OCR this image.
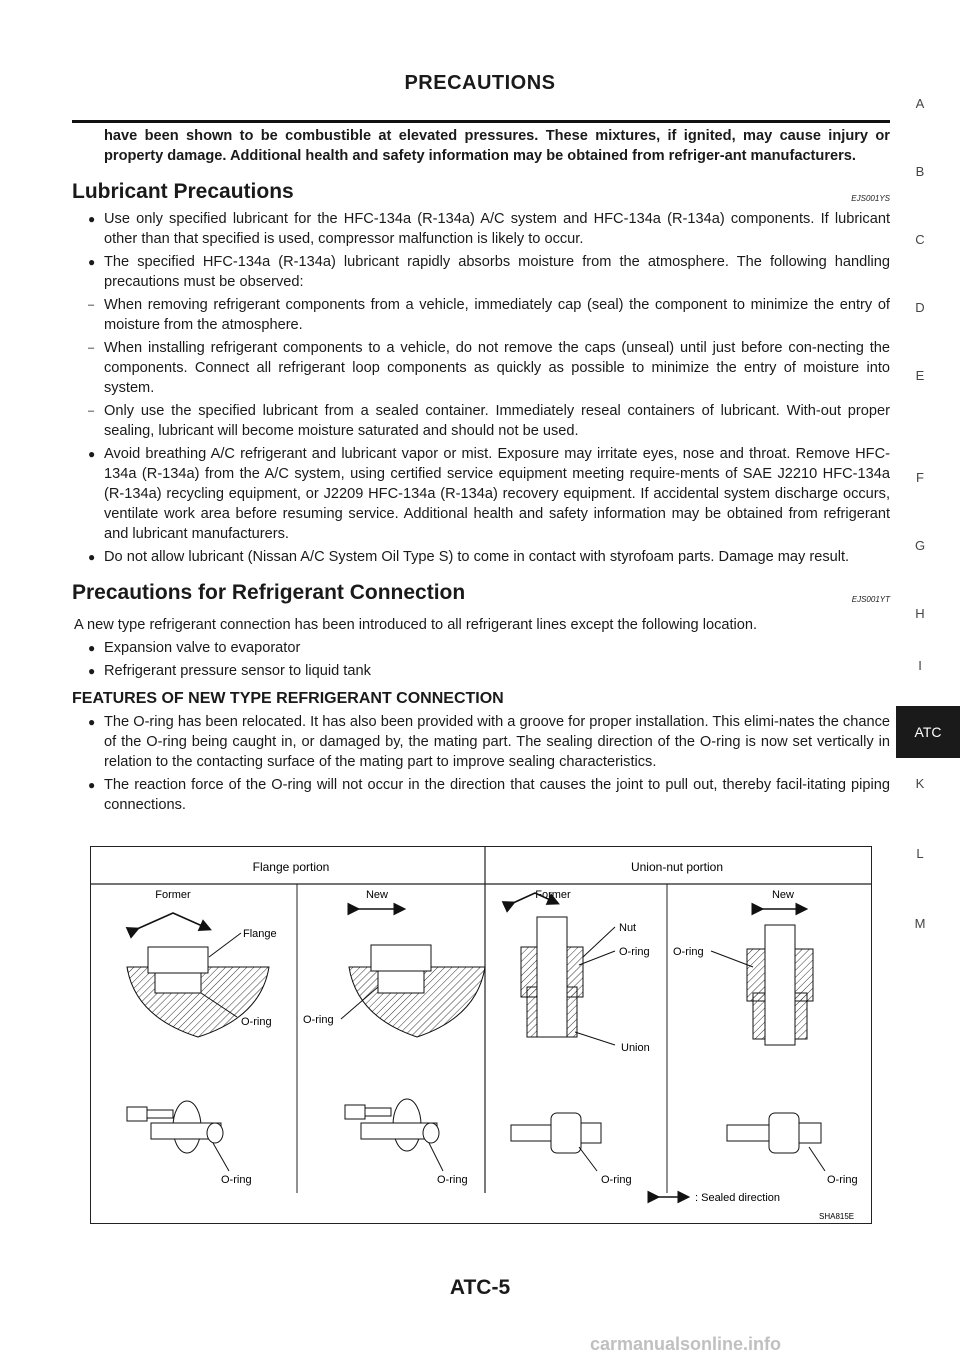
PRECAUTIONS

have been shown to be combustible at elevated pressures. These mixtures, if ignited, may cause injury or property damage. Additional health and safety information may be obtained from refriger-ant manufacturers.

Lubricant Precautions	EJS001YS
● Use only specified lubricant for the HFC-134a (R-134a) A/C system and HFC-134a (R-134a) components. If lubricant other than that specified is used, compressor malfunction is likely to occur.
● The specified HFC-134a (R-134a) lubricant rapidly absorbs moisture from the atmosphere. The following handling precautions must be observed:
– When removing refrigerant components from a vehicle, immediately cap (seal) the component to minimize the entry of moisture from the atmosphere.
– When installing refrigerant components to a vehicle, do not remove the caps (unseal) until just before con-necting the components. Connect all refrigerant loop components as quickly as possible to minimize the entry of moisture into system.
– Only use the specified lubricant from a sealed container. Immediately reseal containers of lubricant. With-out proper sealing, lubricant will become moisture saturated and should not be used.
● Avoid breathing A/C refrigerant and lubricant vapor or mist. Exposure may irritate eyes, nose and throat. Remove HFC-134a (R-134a) from the A/C system, using certified service equipment meeting require-ments of SAE J2210 HFC-134a (R-134a) recycling equipment, or J2209 HFC-134a (R-134a) recovery equipment. If accidental system discharge occurs, ventilate work area before resuming service. Additional health and safety information may be obtained from refrigerant and lubricant manufacturers.
● Do not allow lubricant (Nissan A/C System Oil Type S) to come in contact with styrofoam parts. Damage may result.
Precautions for Refrigerant Connection	EJS001YT

A new type refrigerant connection has been introduced to all refrigerant lines except the following location.

● Expansion valve to evaporator
● Refrigerant pressure sensor to liquid tank
FEATURES OF NEW TYPE REFRIGERANT CONNECTION
● The O-ring has been relocated. It has also been provided with a groove for proper installation. This elimi-nates the chance of the O-ring being caught in, or damaged by, the mating part. The sealing direction of the O-ring is now set vertically in relation to the contacting surface of the mating part to improve sealing characteristics.
● The reaction force of the O-ring will not occur in the direction that causes the joint to pull out, thereby facil-itating piping connections.
A
B
C
D
E
F
G
H
I
K
L
M
ATC
Flange portion	Union-nut portion
Former	New	Former	New
Flange
O-ring	O-ring
Nut
O-ring
Union
O-ring
O-ring	O-ring	O-ring	O-ring
: Sealed direction
SHA815E
ATC-5
carmanualsonline.info
